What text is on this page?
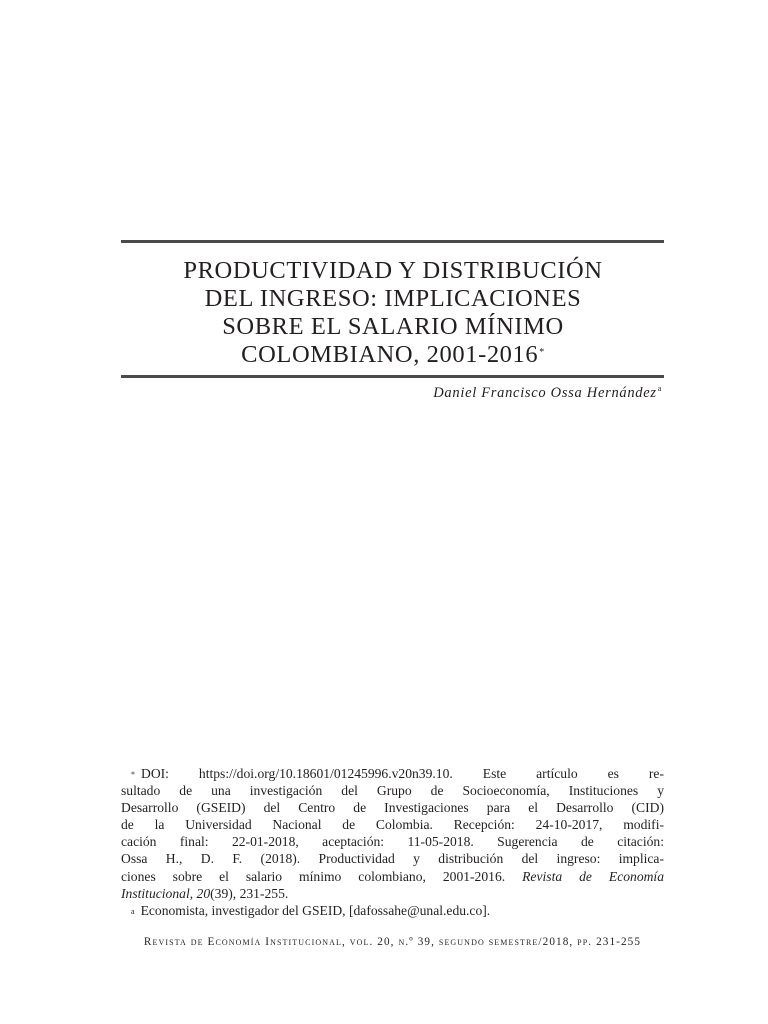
PRODUCTIVIDAD Y DISTRIBUCIÓN
DEL INGRESO: IMPLICACIONES
SOBRE EL SALARIO MÍNIMO
COLOMBIANO, 2001-2016*
Daniel Francisco Ossa Hernández$^a$
* DOI: https://doi.org/10.18601/01245996.v20n39.10. Este artículo es re-
sultado de una investigación del Grupo de Socioeconomía, Instituciones y
Desarrollo (GSEID) del Centro de Investigaciones para el Desarrollo (CID)
de la Universidad Nacional de Colombia. Recepción: 24-10-2017, modifi-
cación final: 22-01-2018, aceptación: 11-05-2018. Sugerencia de citación:
Ossa H., D. F. (2018). Productividad y distribución del ingreso: implica-
ciones sobre el salario mínimo colombiano, 2001-2016. Revista de Economía
Institucional, 20(39), 231-255.
$^a$ Economista, investigador del GSEID, [dafossahe@unal.edu.co].
Revista de Economía Institucional, vol. 20, n.º 39, segundo semestre/2018, pp. 231-255
